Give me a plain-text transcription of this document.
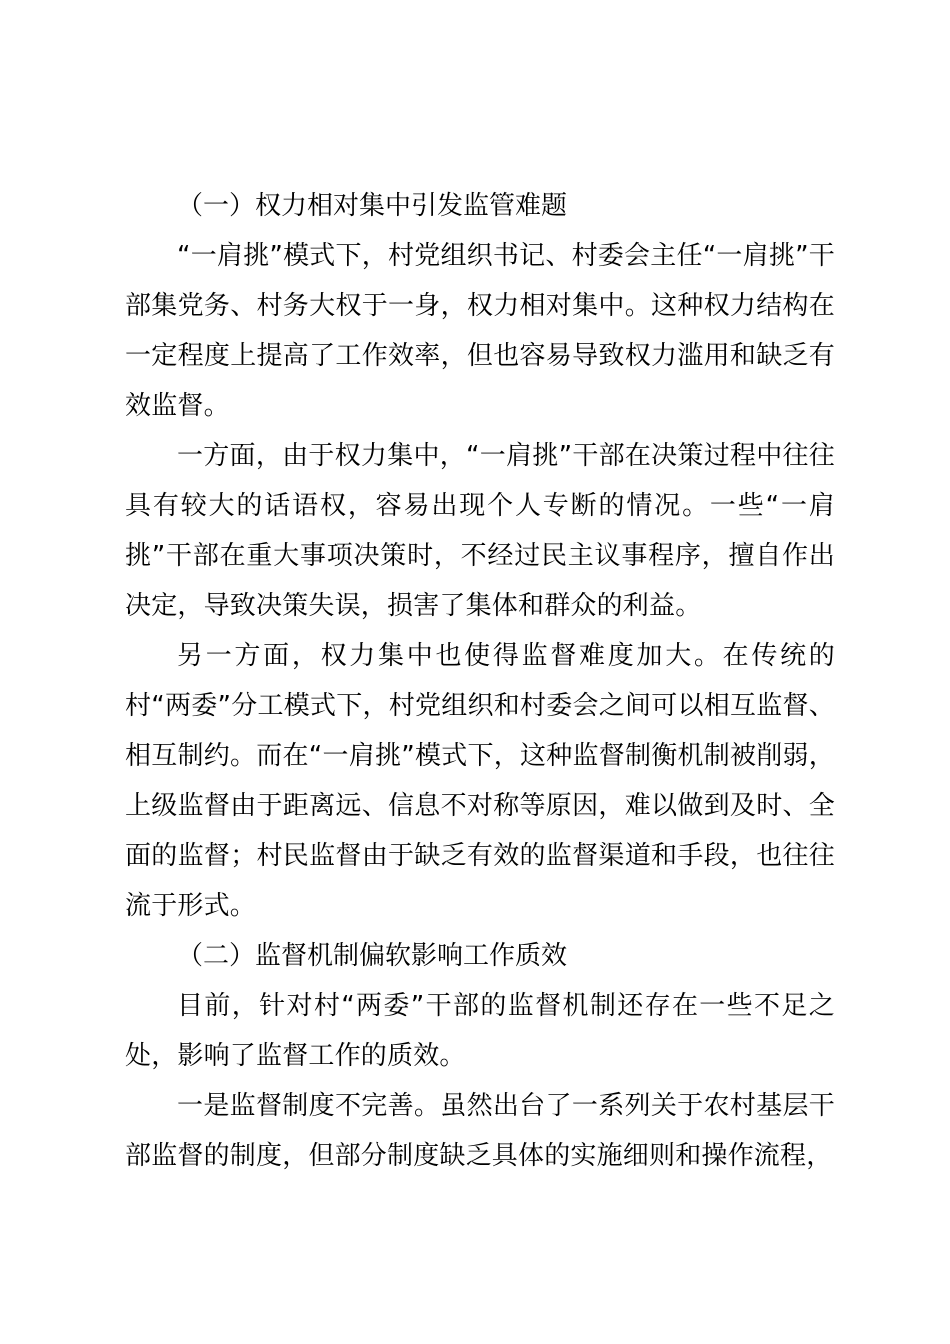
（一）权力相对集中引发监管难题

“一肩挑”模式下，村党组织书记、村委会主任“一肩挑”干部集党务、村务大权于一身，权力相对集中。这种权力结构在一定程度上提高了工作效率，但也容易导致权力滥用和缺乏有效监督。

一方面，由于权力集中，“一肩挑”干部在决策过程中往往具有较大的话语权，容易出现个人专断的情况。一些“一肩挑”干部在重大事项决策时，不经过民主议事程序，擅自作出决定，导致决策失误，损害了集体和群众的利益。

另一方面，权力集中也使得监督难度加大。在传统的村“两委”分工模式下，村党组织和村委会之间可以相互监督、相互制约。而在“一肩挑”模式下，这种监督制衡机制被削弱，上级监督由于距离远、信息不对称等原因，难以做到及时、全面的监督；村民监督由于缺乏有效的监督渠道和手段，也往往流于形式。

（二）监督机制偏软影响工作质效

目前，针对村“两委”干部的监督机制还存在一些不足之处，影响了监督工作的质效。

一是监督制度不完善。虽然出台了一系列关于农村基层干部监督的制度，但部分制度缺乏具体的实施细则和操作流程，
